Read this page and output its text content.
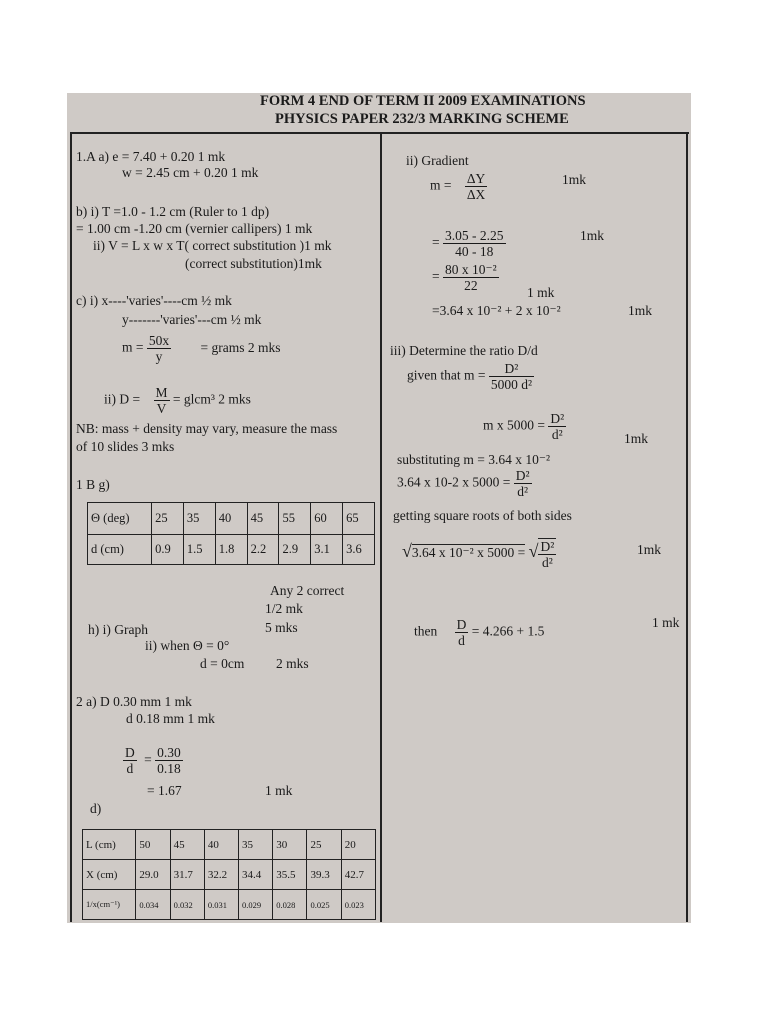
FORM 4 END OF TERM II 2009 EXAMINATIONS
PHYSICS PAPER 232/3 MARKING SCHEME
1.A a) e = 7.40 + 0.20 1 mk
w = 2.45 cm + 0.20 1 mk
b) i) T =1.0 - 1.2 cm (Ruler to 1 dp)
= 1.00 cm -1.20 cm (vernier callipers) 1 mk
ii) V = L x w x T( correct substitution )1 mk
(correct substitution)1mk
c) i) x----'varies'----cm ½ mk
y-------'varies'---cm ½ mk
$m = \frac{50x}{y}$ = grams 2 mks
ii) $D = \frac{M}{V}$ = glcm³ 2 mks
NB: mass + density may vary, measure the mass
of 10 slides 3 mks
1 B g)
Θ (deg)	25	35	40	45	55	60	65
d (cm)	0.9	1.5	1.8	2.2	2.9	3.1	3.6
Any 2 correct
1/2 mk
h) i) Graph	5 mks
ii) when Θ = 0°
d = 0cm 2 mks
2 a) D 0.30 mm 1 mk
d 0.18 mm 1 mk
$\frac{D}{d} = \frac{0.30}{0.18}$
= 1.67	1 mk
d)
L (cm)	50	45	40	35	30	25	20
X (cm)	29.0	31.7	32.2	34.4	35.5	39.3	42.7
1/x(cm⁻¹)	0.034	0.032	0.031	0.029	0.028	0.025	0.023
ii) Gradient
$m = \frac{\Delta Y}{\Delta X}$	1mk
= $\frac{3.05 - 2.25}{40 - 18}$	1mk
= $\frac{\text{80 x 10⁻²}}{22} 1$ mk
=3.64 x 10⁻² + 2 x 10⁻²	1mk
iii) Determine the ratio D/d
given that $m = \frac{\text{D²}}{\text{5000 d²}}$
m x $5000 = \frac{\text{D²}}{\text{d²}}$	1mk
substituting m = 3.64 x 10⁻²
3.64 x 10-2 x $5000 = \frac{\text{D²}}{\text{d²}}$
getting square roots of both sides
√3.64 x 10⁻² x 5000 = √ $\frac{\text{D²}}{\text{d²}}$	1mk
then $\frac{D}{d} = 4.266 + 1.5$
1 mk
